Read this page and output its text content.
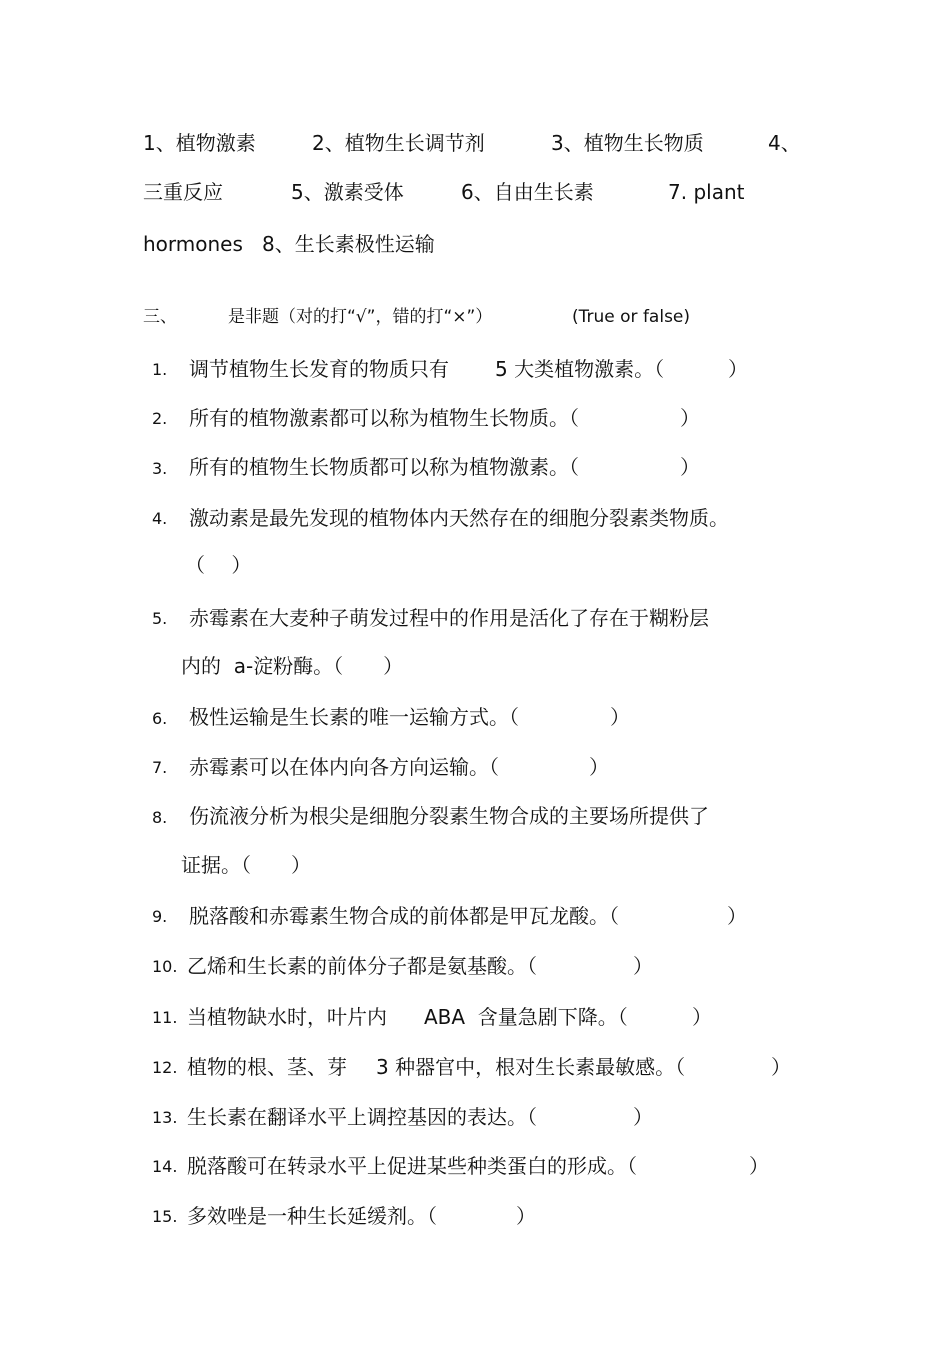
1、植物激素	2、植物生长调节剂	3、植物生长物质	4、
三重反应	5、激素受体	6、自由生长素	7. plant
hormones 8、生长素极性运输
三、	是非题（对的打“√”，错的打“×”）	(True or false)
1. 调节植物生长发育的物质只有 5 大类植物激素。（	）
2. 所有的植物激素都可以称为植物生长物质。（	）
3. 所有的植物生长物质都可以称为植物激素。（	）
4. 激动素是最先发现的植物体内天然存在的细胞分裂素类物质。
（　 ）
5. 赤霉素在大麦种子萌发过程中的作用是活化了存在于糊粉层
内的  a-淀粉酶。（　　）
6. 极性运输是生长素的唯一运输方式。（	）
7. 赤霉素可以在体内向各方向运输。（	）
8. 伤流液分析为根尖是细胞分裂素生物合成的主要场所提供了
证据。（　　）
9. 脱落酸和赤霉素生物合成的前体都是甲瓦龙酸。（	）
10. 乙烯和生长素的前体分子都是氨基酸。（	）
11. 当植物缺水时，叶片内 ABA  含量急剧下降。（	）
12. 植物的根、茎、芽 3 种器官中，根对生长素最敏感。（	）
13. 生长素在翻译水平上调控基因的表达。（	）
14. 脱落酸可在转录水平上促进某些种类蛋白的形成。（	）
15. 多效唑是一种生长延缓剂。（	）
